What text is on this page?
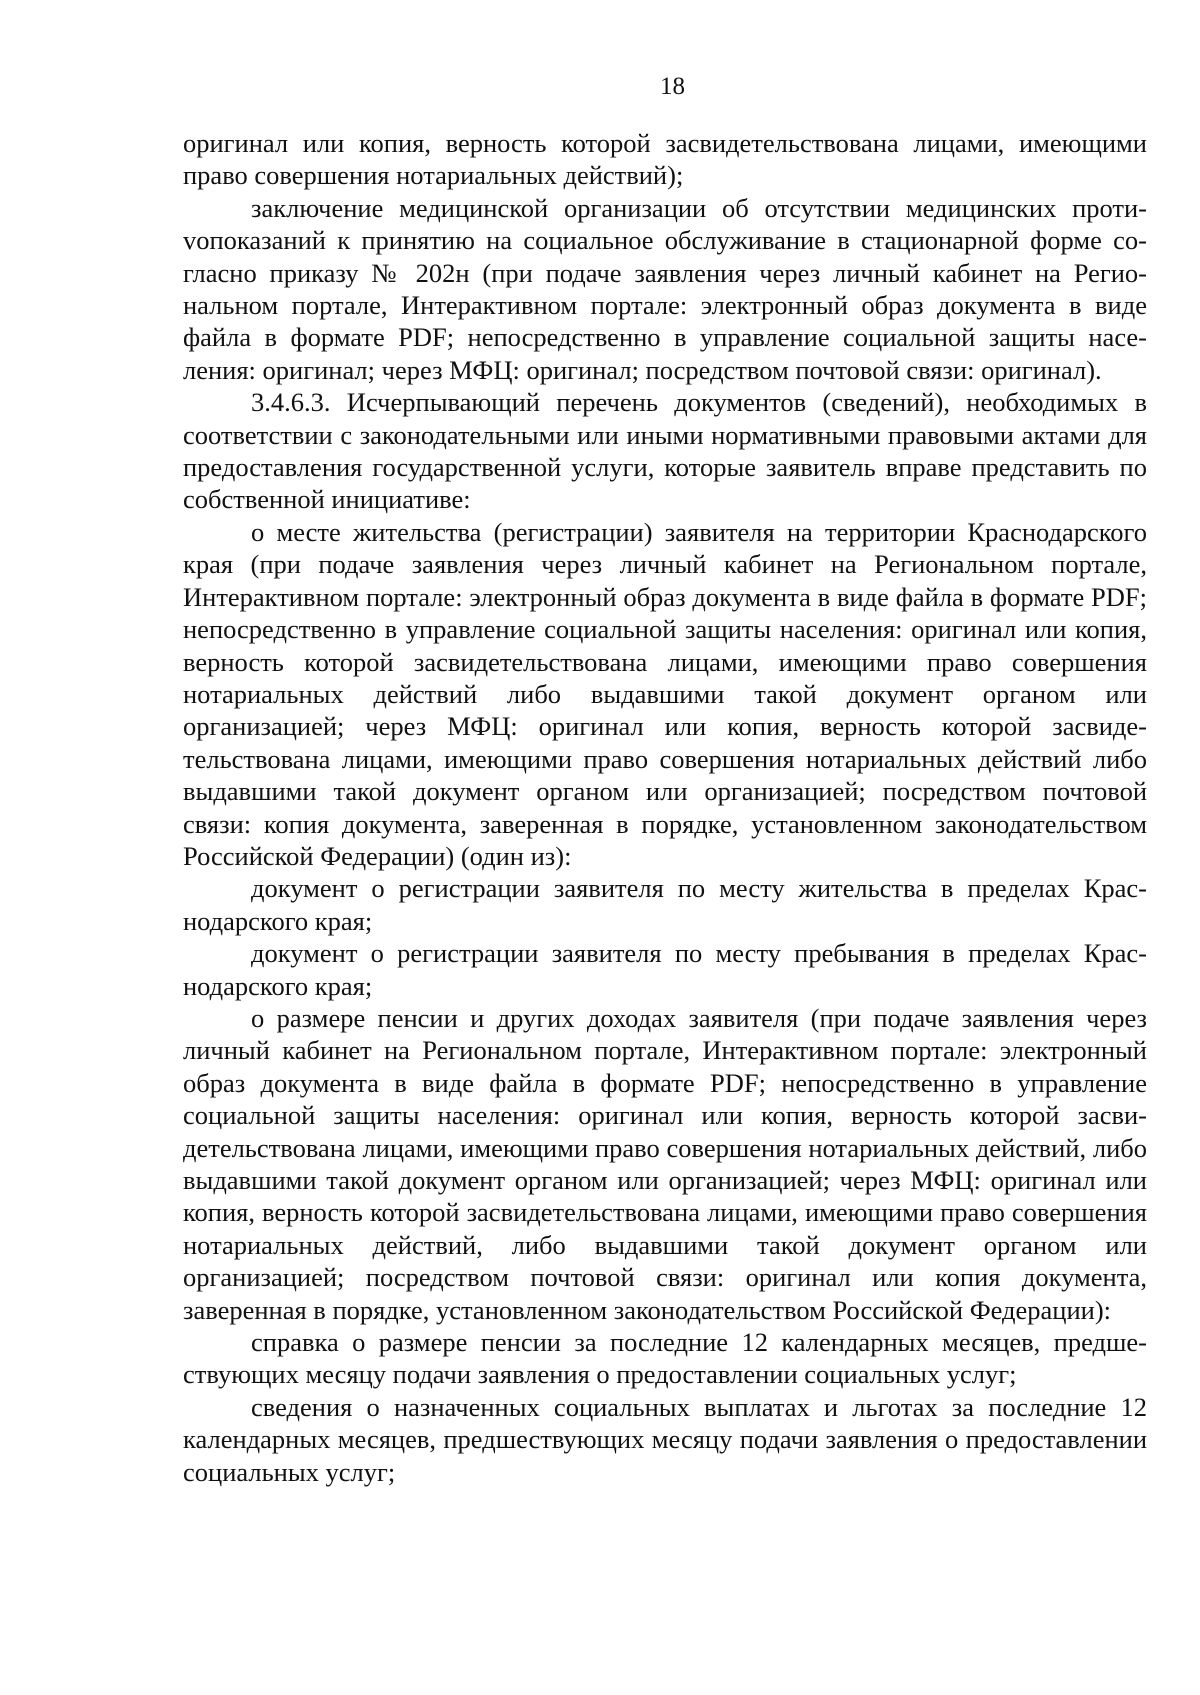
18

оригинал или копия, верность которой засвидетельствована лицами, имеющими право совершения нотариальных действий);

заключение медицинской организации об отсутствии медицинских протиvопоказаний к принятию на социальное обслуживание в стационарной форме согласно приказу № 202н (при подаче заявления через личный кабинет на Региональном портале, Интерактивном портале: электронный образ документа в виде файла в формате PDF; непосредственно в управление социальной защиты населения: оригинал; через МФЦ: оригинал; посредством почтовой связи: оригинал).

3.4.6.3. Исчерпывающий перечень документов (сведений), необходимых в соответствии с законодательными или иными нормативными правовыми актами для предоставления государственной услуги, которые заявитель вправе представить по собственной инициативе:

о месте жительства (регистрации) заявителя на территории Краснодарского края (при подаче заявления через личный кабинет на Региональном портале, Интерактивном портале: электронный образ документа в виде файла в формате PDF; непосредственно в управление социальной защиты населения: оригинал или копия, верность которой засвидетельствована лицами, имеющими право совершения нотариальных действий либо выдавшими такой документ органом или организацией; через МФЦ: оригинал или копия, верность которой засвидетельствована лицами, имеющими право совершения нотариальных действий либо выдавшими такой документ органом или организацией; посредством почтовой связи: копия документа, заверенная в порядке, установленном законодательством Российской Федерации) (один из):

документ о регистрации заявителя по месту жительства в пределах Краснодарского края;

документ о регистрации заявителя по месту пребывания в пределах Краснодарского края;

о размере пенсии и других доходах заявителя (при подаче заявления через личный кабинет на Региональном портале, Интерактивном портале: электронный образ документа в виде файла в формате PDF; непосредственно в управление социальной защиты населения: оригинал или копия, верность которой засвидетельствована лицами, имеющими право совершения нотариальных действий, либо выдавшими такой документ органом или организацией; через МФЦ: оригинал или копия, верность которой засвидетельствована лицами, имеющими право совершения нотариальных действий, либо выдавшими такой документ органом или организацией; посредством почтовой связи: оригинал или копия документа, заверенная в порядке, установленном законодательством Российской Федерации):

справка о размере пенсии за последние 12 календарных месяцев, предшествующих месяцу подачи заявления о предоставлении социальных услуг;

сведения о назначенных социальных выплатах и льготах за последние 12 календарных месяцев, предшествующих месяцу подачи заявления о предоставлении социальных услуг;
